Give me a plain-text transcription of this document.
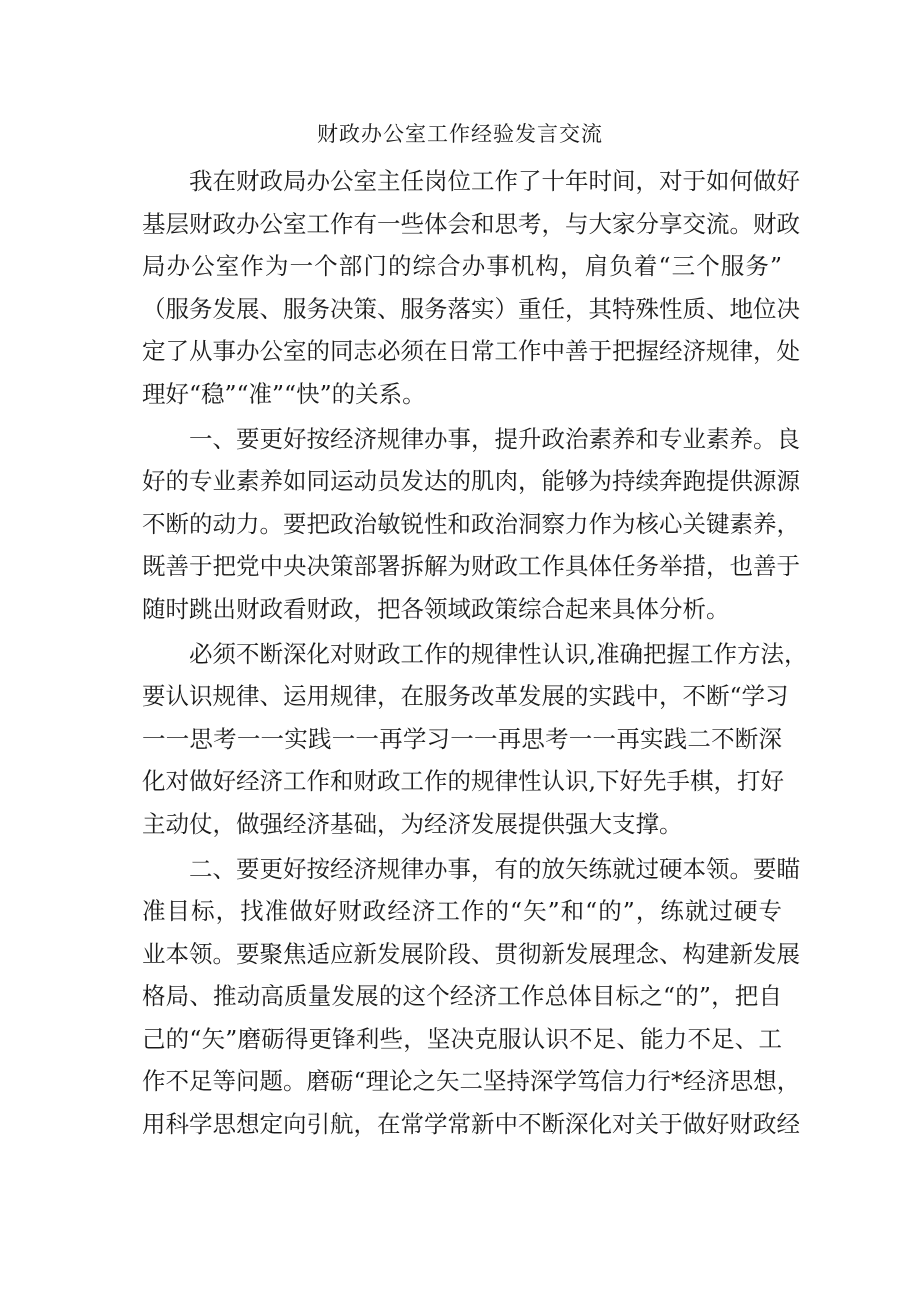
财政办公室工作经验发言交流
我在财政局办公室主任岗位工作了十年时间，对于如何做好
基层财政办公室工作有一些体会和思考，与大家分享交流。财政
局办公室作为一个部门的综合办事机构，肩负着“三个服务”
（服务发展、服务决策、服务落实）重任，其特殊性质、地位决
定了从事办公室的同志必须在日常工作中善于把握经济规律，处
理好“稳”“准”“快”的关系。
一、要更好按经济规律办事，提升政治素养和专业素养。良
好的专业素养如同运动员发达的肌肉，能够为持续奔跑提供源源
不断的动力。要把政治敏锐性和政治洞察力作为核心关键素养，
既善于把党中央决策部署拆解为财政工作具体任务举措，也善于
随时跳出财政看财政，把各领域政策综合起来具体分析。
必须不断深化对财政工作的规律性认识,准确把握工作方法，
要认识规律、运用规律，在服务改革发展的实践中，不断“学习
一一思考一一实践一一再学习一一再思考一一再实践二不断深
化对做好经济工作和财政工作的规律性认识,下好先手棋，打好
主动仗，做强经济基础，为经济发展提供强大支撑。
二、要更好按经济规律办事，有的放矢练就过硬本领。要瞄
准目标，找准做好财政经济工作的“矢”和“的”，练就过硬专
业本领。要聚焦适应新发展阶段、贯彻新发展理念、构建新发展
格局、推动高质量发展的这个经济工作总体目标之“的”，把自
己的“矢”磨砺得更锋利些，坚决克服认识不足、能力不足、工
作不足等问题。磨砺“理论之矢二坚持深学笃信力行*经济思想，
用科学思想定向引航，在常学常新中不断深化对关于做好财政经
